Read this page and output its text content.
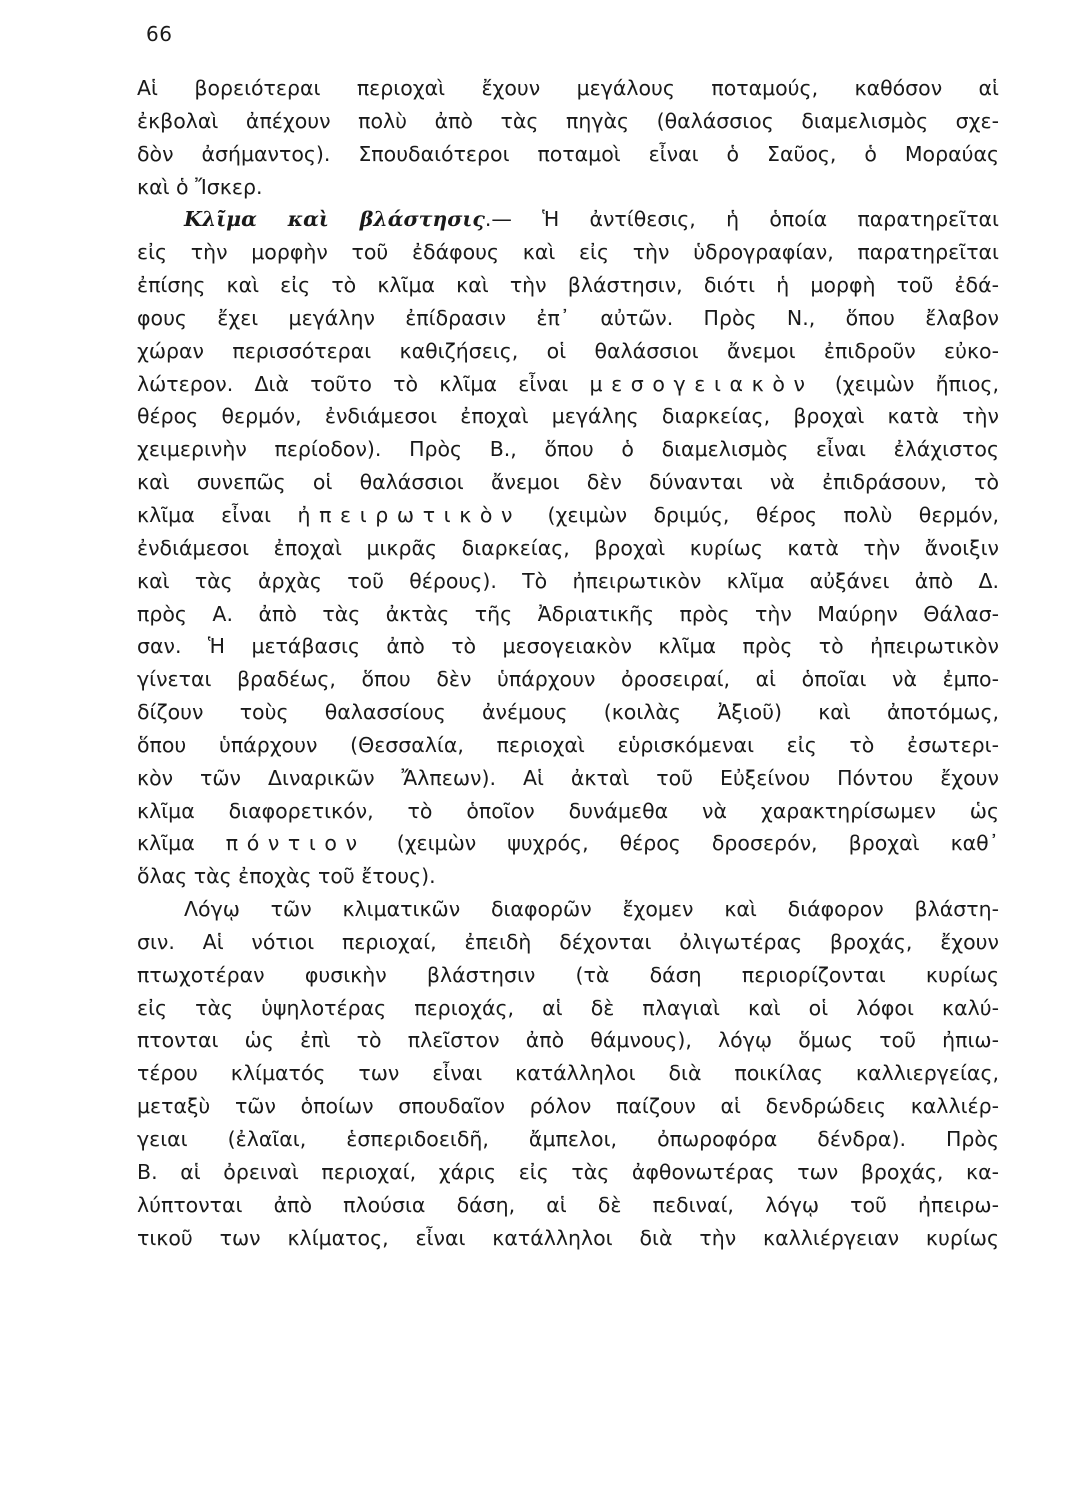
66
Αἱ βορειότεραι περιοχαὶ ἔχουν μεγάλους ποταμούς, καθόσον αἱ
ἐκβολαὶ ἀπέχουν πολὺ ἀπὸ τὰς πηγὰς (θαλάσσιος διαμελισμὸς σχε-
δὸν ἀσήμαντος). Σπουδαιότεροι ποταμοὶ εἶναι ὁ Σαῦος, ὁ Μοραύας
καὶ ὁ Ἴσκερ.
Κλῖμα καὶ βλάστησις.— Ἡ ἀντίθεσις, ἡ ὁποία παρατηρεῖται
εἰς τὴν μορφὴν τοῦ ἐδάφους καὶ εἰς τὴν ὑδρογραφίαν, παρατηρεῖται
ἐπίσης καὶ εἰς τὸ κλῖμα καὶ τὴν βλάστησιν, διότι ἡ μορφὴ τοῦ ἐδά-
φους ἔχει μεγάλην ἐπίδρασιν ἐπ᾽ αὐτῶν. Πρὸς Ν., ὅπου ἔλαβον
χώραν περισσότεραι καθιζήσεις, οἱ θαλάσσιοι ἄνεμοι ἐπιδροῦν εὐκο-
λώτερον. Διὰ τοῦτο τὸ κλῖμα εἶναι μεσογειακὸν (χειμὼν ἤπιος,
θέρος θερμόν, ἐνδιάμεσοι ἐποχαὶ μεγάλης διαρκείας, βροχαὶ κατὰ τὴν
χειμερινὴν περίοδον). Πρὸς Β., ὅπου ὁ διαμελισμὸς εἶναι ἐλάχιστος
καὶ συνεπῶς οἱ θαλάσσιοι ἄνεμοι δὲν δύνανται νὰ ἐπιδράσουν, τὸ
κλῖμα εἶναι ἠπειρωτικὸν (χειμὼν δριμύς, θέρος πολὺ θερμόν,
ἐνδιάμεσοι ἐποχαὶ μικρᾶς διαρκείας, βροχαὶ κυρίως κατὰ τὴν ἄνοιξιν
καὶ τὰς ἀρχὰς τοῦ θέρους). Τὸ ἠπειρωτικὸν κλῖμα αὐξάνει ἀπὸ Δ.
πρὸς Α. ἀπὸ τὰς ἀκτὰς τῆς Ἀδριατικῆς πρὸς τὴν Μαύρην Θάλασ-
σαν. Ἡ μετάβασις ἀπὸ τὸ μεσογειακὸν κλῖμα πρὸς τὸ ἠπειρωτικὸν
γίνεται βραδέως, ὅπου δὲν ὑπάρχουν ὀροσειραί, αἱ ὁποῖαι νὰ ἐμπο-
δίζουν τοὺς θαλασσίους ἀνέμους (κοιλὰς Ἀξιοῦ) καὶ ἀποτόμως,
ὅπου ὑπάρχουν (Θεσσαλία, περιοχαὶ εὑρισκόμεναι εἰς τὸ ἐσωτερι-
κὸν τῶν Διναρικῶν Ἄλπεων). Αἱ ἀκταὶ τοῦ Εὐξείνου Πόντου ἔχουν
κλῖμα διαφορετικόν, τὸ ὁποῖον δυνάμεθα νὰ χαρακτηρίσωμεν ὡς
κλῖμα πόντιον (χειμὼν ψυχρός, θέρος δροσερόν, βροχαὶ καθ᾽
ὅλας τὰς ἐποχὰς τοῦ ἔτους).
Λόγῳ τῶν κλιματικῶν διαφορῶν ἔχομεν καὶ διάφορον βλάστη-
σιν. Αἱ νότιοι περιοχαί, ἐπειδὴ δέχονται ὀλιγωτέρας βροχάς, ἔχουν
πτωχοτέραν φυσικὴν βλάστησιν (τὰ δάση περιορίζονται κυρίως
εἰς τὰς ὑψηλοτέρας περιοχάς, αἱ δὲ πλαγιαὶ καὶ οἱ λόφοι καλύ-
πτονται ὡς ἐπὶ τὸ πλεῖστον ἀπὸ θάμνους), λόγῳ ὅμως τοῦ ἠπιω-
τέρου κλίματός των εἶναι κατάλληλοι διὰ ποικίλας καλλιεργείας,
μεταξὺ τῶν ὁποίων σπουδαῖον ρόλον παίζουν αἱ δενδρώδεις καλλιέρ-
γειαι (ἐλαῖαι, ἑσπεριδοειδῆ, ἄμπελοι, ὀπωροφόρα δένδρα). Πρὸς
Β. αἱ ὀρειναὶ περιοχαί, χάρις εἰς τὰς ἀφθονωτέρας των βροχάς, κα-
λύπτονται ἀπὸ πλούσια δάση, αἱ δὲ πεδιναί, λόγῳ τοῦ ἠπειρω-
τικοῦ των κλίματος, εἶναι κατάλληλοι διὰ τὴν καλλιέργειαν κυρίως
